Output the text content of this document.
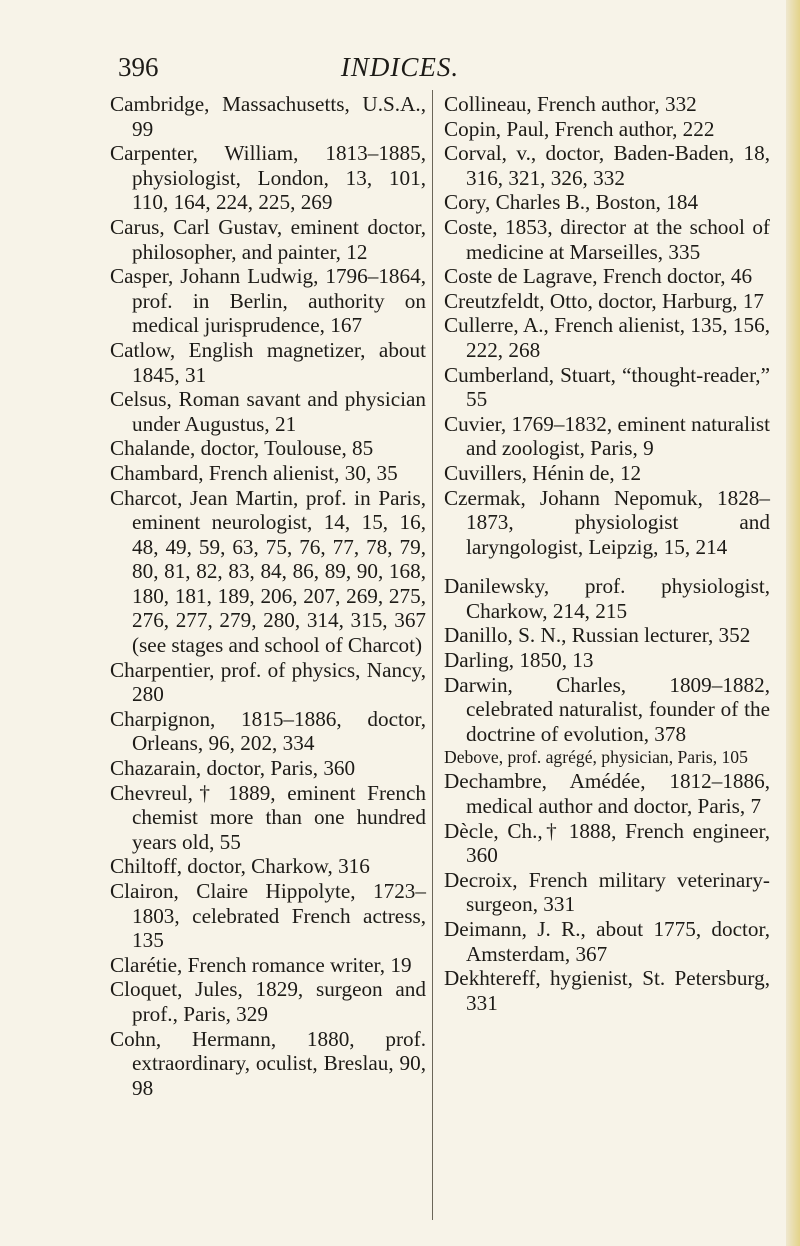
396	INDICES.

Cambridge, Massachusetts, U.S.A., 99

Carpenter, William, 1813–1885, physiologist, London, 13, 101, 110, 164, 224, 225, 269

Carus, Carl Gustav, eminent doctor, philosopher, and painter, 12

Casper, Johann Ludwig, 1796–1864, prof. in Berlin, authority on medical jurisprudence, 167

Catlow, English magnetizer, about 1845, 31

Celsus, Roman savant and physician under Augustus, 21

Chalande, doctor, Toulouse, 85

Chambard, French alienist, 30, 35

Charcot, Jean Martin, prof. in Paris, eminent neurologist, 14, 15, 16, 48, 49, 59, 63, 75, 76, 77, 78, 79, 80, 81, 82, 83, 84, 86, 89, 90, 168, 180, 181, 189, 206, 207, 269, 275, 276, 277, 279, 280, 314, 315, 367 (see stages and school of Charcot)

Charpentier, prof. of physics, Nancy, 280

Charpignon, 1815–1886, doctor, Orleans, 96, 202, 334

Chazarain, doctor, Paris, 360

Chevreul,† 1889, eminent French chemist more than one hundred years old, 55

Chiltoff, doctor, Charkow, 316

Clairon, Claire Hippolyte, 1723–1803, celebrated French actress, 135

Clarétie, French romance writer, 19

Cloquet, Jules, 1829, surgeon and prof., Paris, 329

Cohn, Hermann, 1880, prof. extraordinary, oculist, Breslau, 90, 98

Collineau, French author, 332

Copin, Paul, French author, 222

Corval, v., doctor, Baden-Baden, 18, 316, 321, 326, 332

Cory, Charles B., Boston, 184

Coste, 1853, director at the school of medicine at Marseilles, 335

Coste de Lagrave, French doctor, 46

Creutzfeldt, Otto, doctor, Harburg, 17

Cullerre, A., French alienist, 135, 156, 222, 268

Cumberland, Stuart, “thought-reader,” 55

Cuvier, 1769–1832, eminent naturalist and zoologist, Paris, 9

Cuvillers, Hénin de, 12

Czermak, Johann Nepomuk, 1828–1873, physiologist and laryngologist, Leipzig, 15, 214

Danilewsky, prof. physiologist, Charkow, 214, 215

Danillo, S. N., Russian lecturer, 352

Darling, 1850, 13

Darwin, Charles, 1809–1882, celebrated naturalist, founder of the doctrine of evolution, 378

Debove, prof. agrégé, physician, Paris, 105

Dechambre, Amédée, 1812–1886, medical author and doctor, Paris, 7

Dècle, Ch.,† 1888, French engineer, 360

Decroix, French military veterinary-surgeon, 331

Deimann, J. R., about 1775, doctor, Amsterdam, 367

Dekhtereff, hygienist, St. Petersburg, 331
